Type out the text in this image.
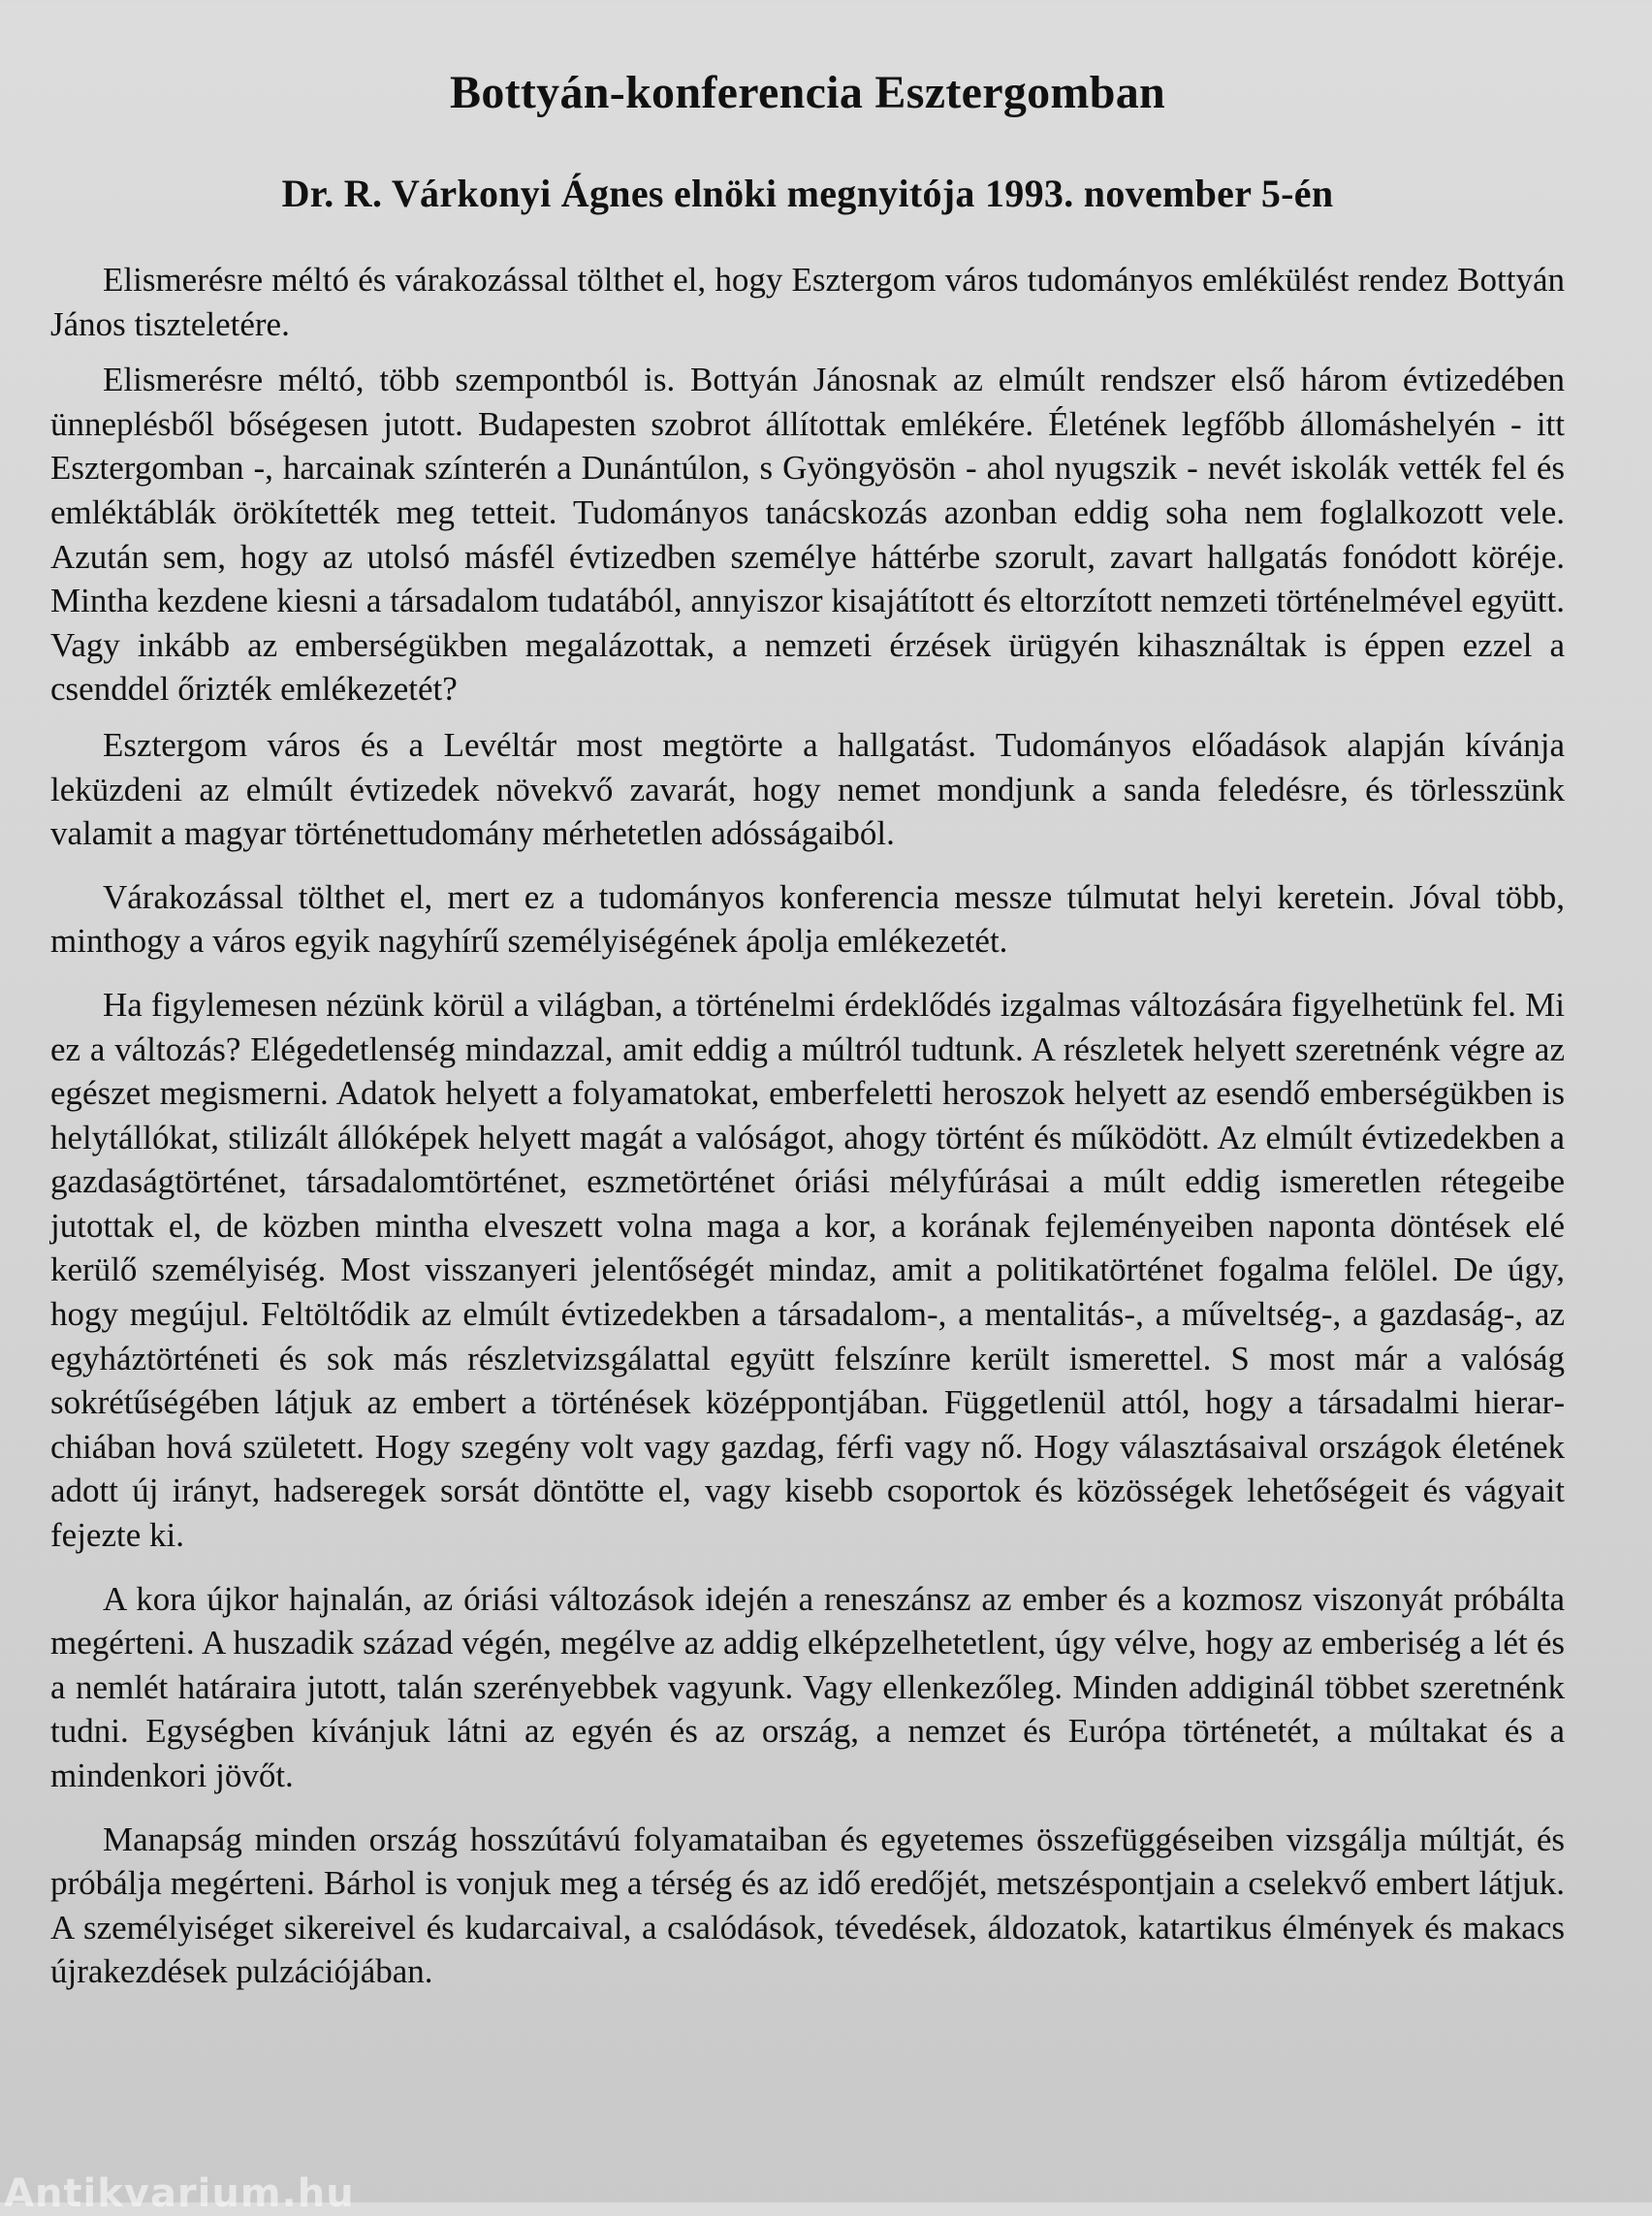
Bottyán-konferencia Esztergomban
Dr. R. Várkonyi Ágnes elnöki megnyitója 1993. november 5-én

Elismerésre méltó és várakozással tölthet el, hogy Esztergom város tudományos emlékülést rendez Bottyán János tiszteletére.

Elismerésre méltó, több szempontból is. Bottyán Jánosnak az elmúlt rendszer első három évtizedében ünneplésből bőségesen jutott. Budapesten szobrot állítottak emlékére. Életének legfőbb állomáshelyén - itt Esztergomban -, harcainak színterén a Dunántúlon, s Gyöngyösön - ahol nyugszik - nevét iskolák vették fel és emléktáblák örökítették meg tetteit. Tudományos tanácskozás azonban eddig soha nem foglalkozott vele. Azután sem, hogy az utolsó másfél évtizedben személye háttérbe szorult, zavart hallgatás fonódott köréje. Mintha kezdene kiesni a társadalom tudatából, annyiszor kisajátított és eltorzított nemzeti történelmével együtt. Vagy inkább az emberségükben megalázottak, a nemzeti érzések ürügyén kihasználtak is éppen ezzel a csenddel őrizték emlékezetét?

Esztergom város és a Levéltár most megtörte a hallgatást. Tudományos előadások alapján kívánja leküzdeni az elmúlt évtizedek növekvő zavarát, hogy nemet mondjunk a sanda feledésre, és törlesszünk valamit a magyar történettudomány mérhetetlen adósságaiból.

Várakozással tölthet el, mert ez a tudományos konferencia messze túlmutat helyi keretein. Jóval több, minthogy a város egyik nagyhírű személyiségének ápolja emlékezetét.

Ha figylemesen nézünk körül a világban, a történelmi érdeklődés izgalmas változására figyelhetünk fel. Mi ez a változás? Elégedetlenség mindazzal, amit eddig a múltról tudtunk. A részletek helyett szeretnénk végre az egészet megismerni. Adatok helyett a folyamatokat, emberfeletti heroszok helyett az esendő emberségükben is helytállókat, stilizált állóképek helyett magát a valóságot, ahogy történt és működött. Az elmúlt évtizedekben a gazdaságtörténet, társadalomtörténet, eszmetörténet óriási mélyfúrásai a múlt eddig ismeretlen rétegeibe jutottak el, de közben mintha elveszett volna maga a kor, a korának fejleményeiben naponta döntések elé kerülő személyiség. Most visszanyeri jelentőségét mindaz, amit a politikatörténet fogalma felölel. De úgy, hogy megújul. Feltöltődik az elmúlt évtizedekben a társadalom-, a mentalitás-, a műveltség-, a gazdaság-, az egyháztörténeti és sok más részletvizsgálattal együtt felszínre került ismerettel. S most már a valóság sokrétűségében látjuk az embert a történések középpontjában. Függetlenül attól, hogy a társadalmi hierarchiában hová született. Hogy szegény volt vagy gazdag, férfi vagy nő. Hogy választásaival országok életének adott új irányt, hadseregek sorsát döntötte el, vagy kisebb csoportok és közösségek lehetőségeit és vágyait fejezte ki.

A kora újkor hajnalán, az óriási változások idején a reneszánsz az ember és a kozmosz viszonyát próbálta megérteni. A huszadik század végén, megélve az addig elképzelhetetlent, úgy vélve, hogy az emberiség a lét és a nemlét határaira jutott, talán szerényebbek vagyunk. Vagy ellenkezőleg. Minden addiginál többet szeretnénk tudni. Egységben kívánjuk látni az egyén és az ország, a nemzet és Európa történetét, a múltakat és a mindenkori jövőt.

Manapság minden ország hosszútávú folyamataiban és egyetemes összefüggéseiben vizsgálja múltját, és próbálja megérteni. Bárhol is vonjuk meg a térség és az idő eredőjét, metszéspontjain a cselekvő embert látjuk. A személyiséget sikereivel és kudarcaival, a csalódások, tévedések, áldozatok, katartikus élmények és makacs újrakezdések pulzációjában.

Antikvarium.hu
